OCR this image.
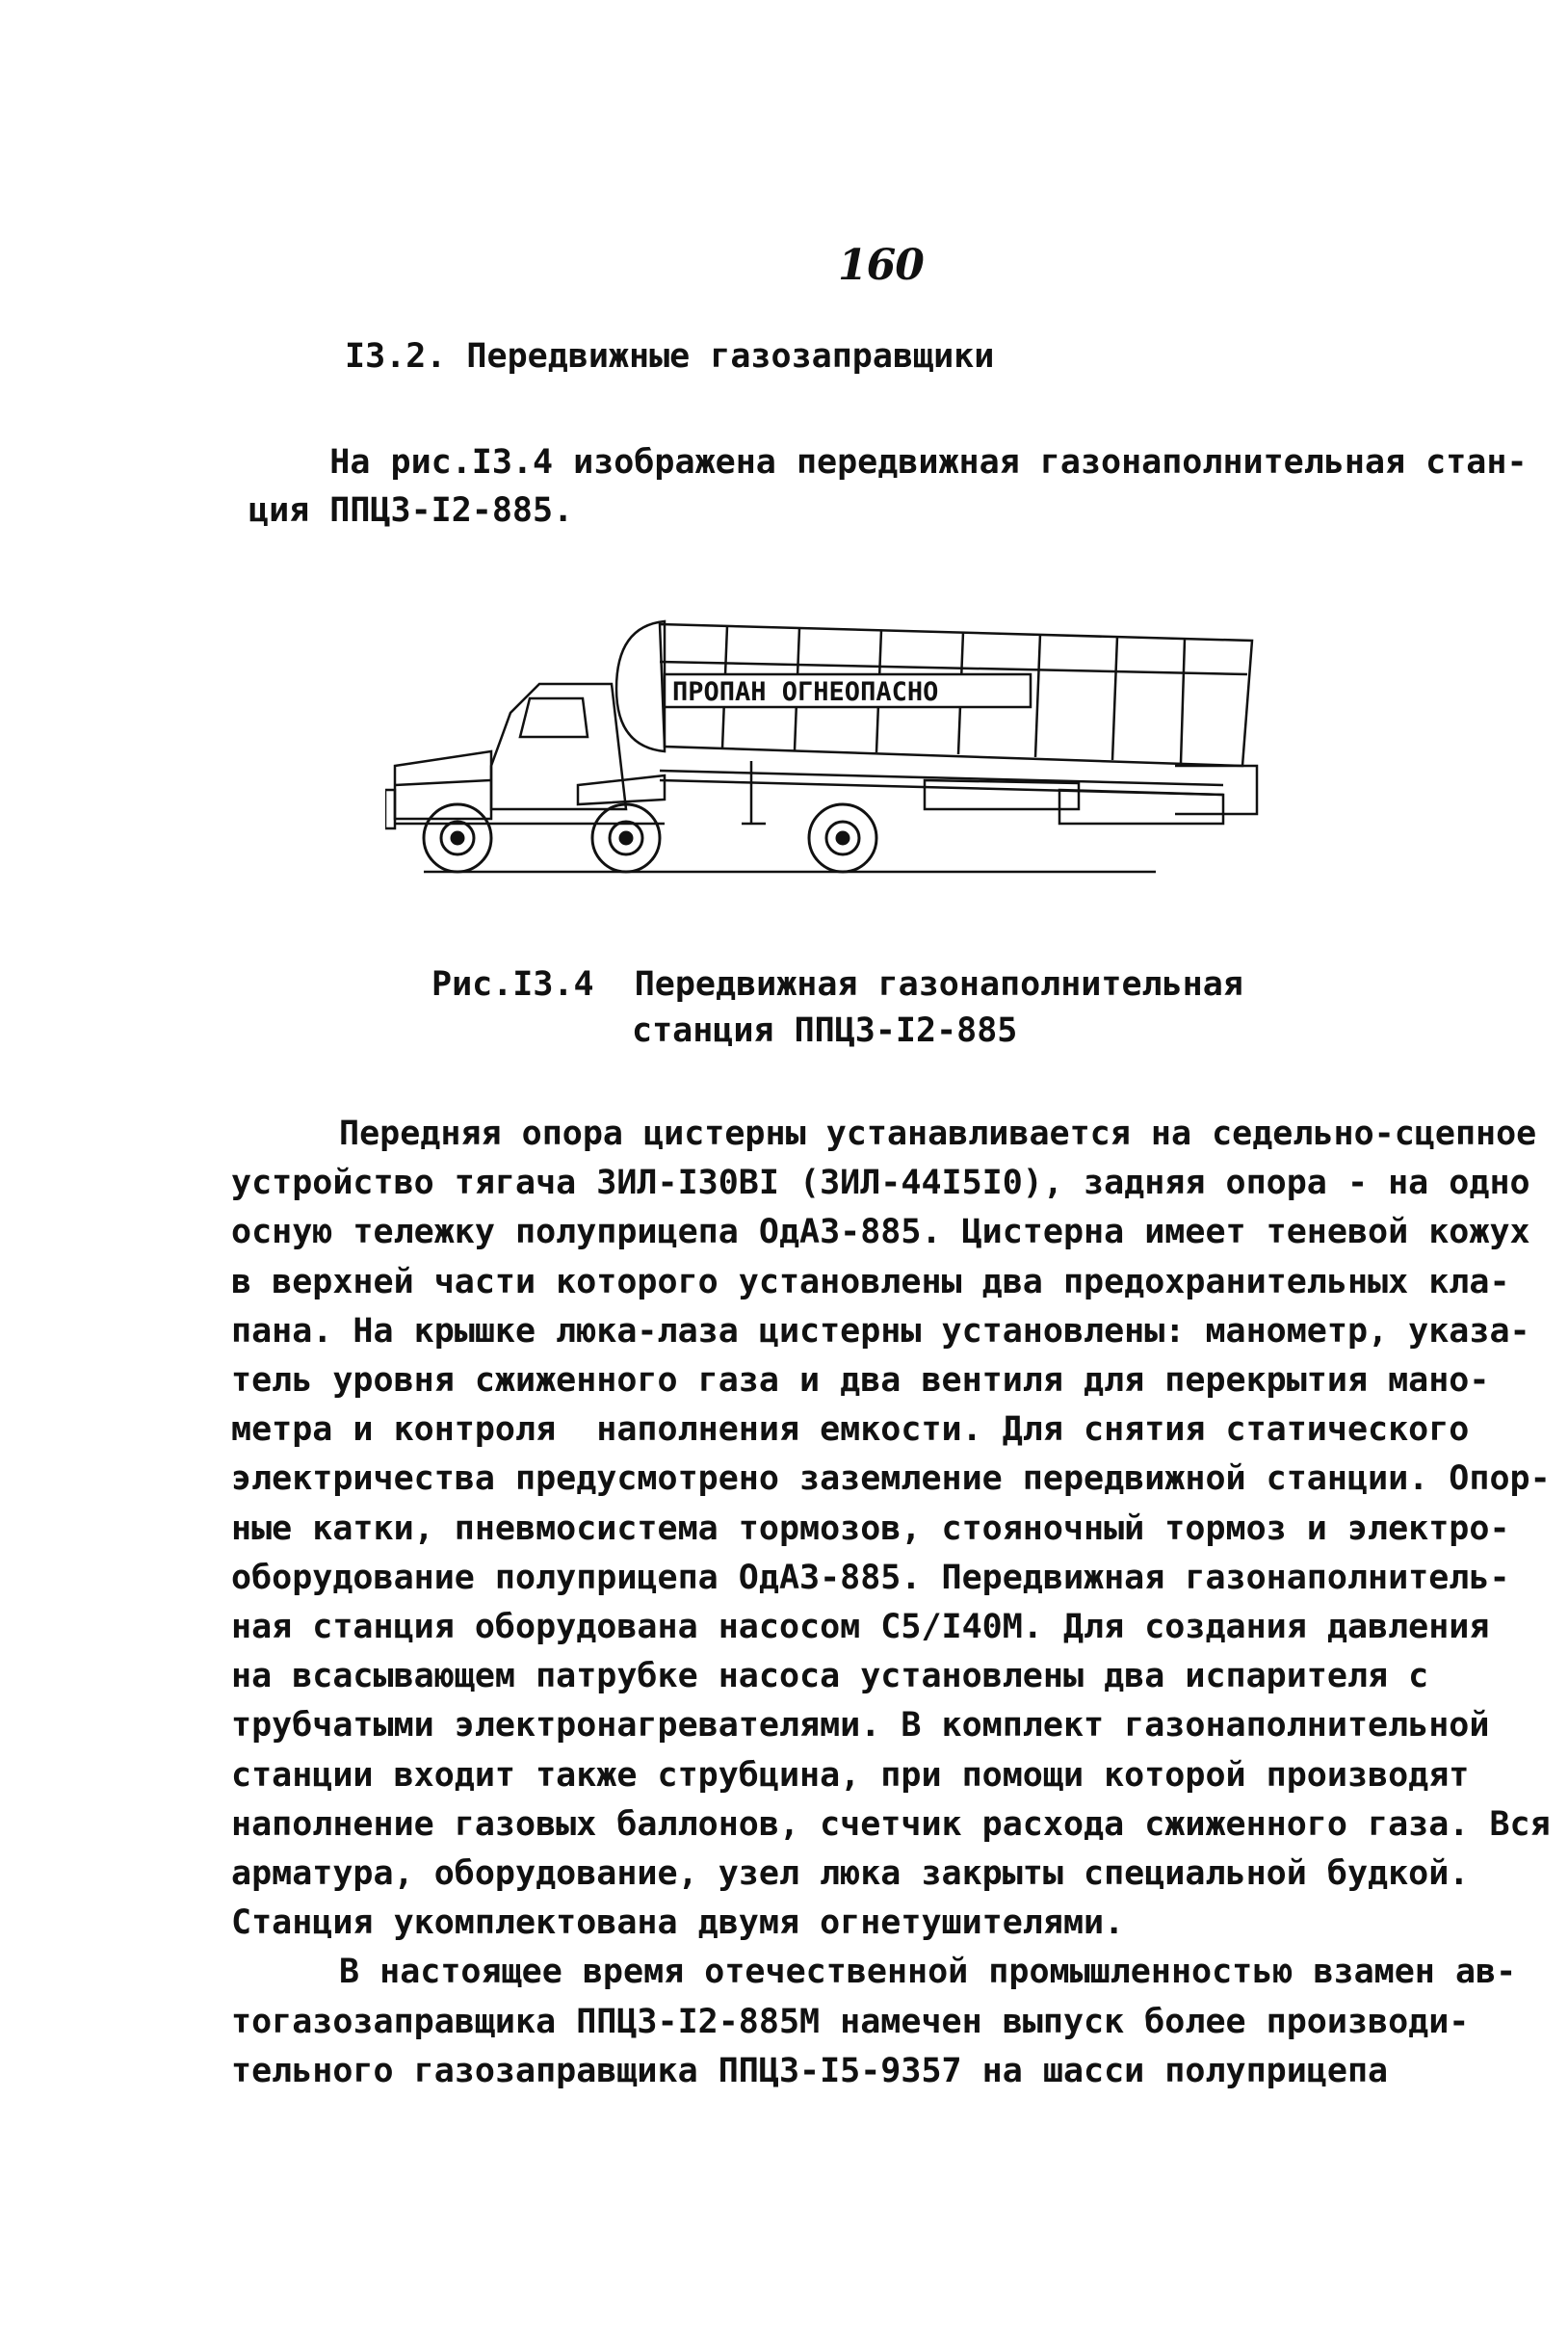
160
I3.2. Передвижные газозаправщики
На рис.I3.4 изображена передвижная газонаполнительная стан-
ция ППЦЗ-I2-885.
ПРОПАН ОГНЕОПАСНО
Рис.I3.4  Передвижная газонаполнительная
станция ППЦЗ-I2-885
Передняя опора цистерны устанавливается на седельно-сцепное
устройство тягача ЗИЛ-I30BI (ЗИЛ-44I5I0), задняя опора - на одно
осную тележку полуприцепа ОдАЗ-885. Цистерна имеет теневой кожух
в верхней части которого установлены два предохранительных кла-
пана. На крышке люка-лаза цистерны установлены: манометр, указа-
тель уровня сжиженного газа и два вентиля для перекрытия мано-
метра и контроля  наполнения емкости. Для снятия статического
электричества предусмотрено заземление передвижной станции. Опор-
ные катки, пневмосистема тормозов, стояночный тормоз и электро-
оборудование полуприцепа ОдАЗ-885. Передвижная газонаполнитель-
ная станция оборудована насосом С5/I40М. Для создания давления
на всасывающем патрубке насоса установлены два испарителя с
трубчатыми электронагревателями. В комплект газонаполнительной
станции входит также струбцина, при помощи которой производят
наполнение газовых баллонов, счетчик расхода сжиженного газа. Вся
арматура, оборудование, узел люка закрыты специальной будкой.
Станция укомплектована двумя огнетушителями.
В настоящее время отечественной промышленностью взамен ав-
тогазозаправщика ППЦЗ-I2-885М намечен выпуск более производи-
тельного газозаправщика ППЦЗ-I5-9357 на шасси полуприцепа
